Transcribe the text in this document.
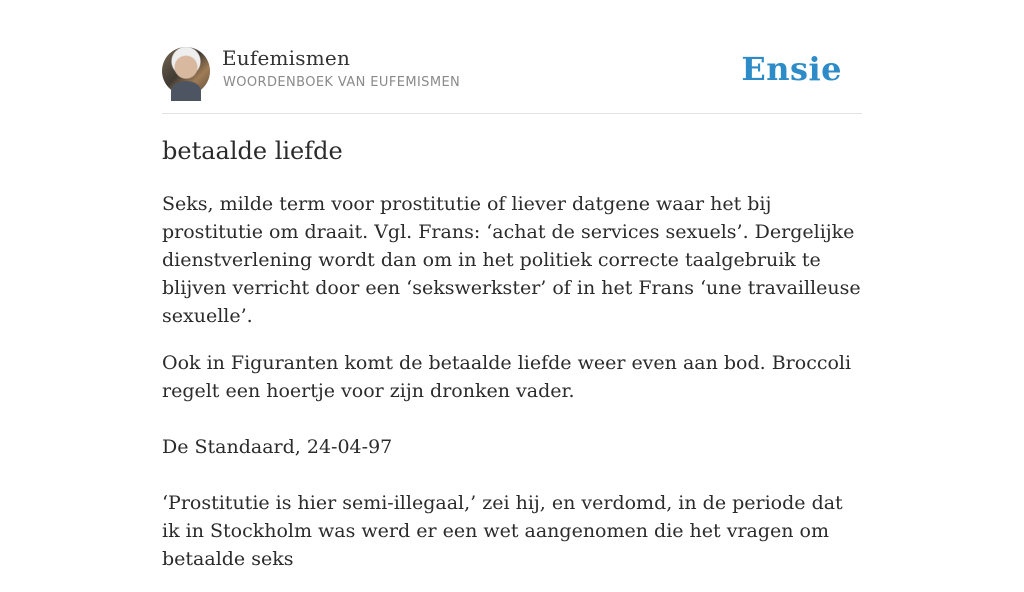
Eufemismen
WOORDENBOEK VAN EUFEMISMEN	Ensie
betaalde liefde

Seks, milde term voor prostitutie of liever datgene waar het bij prostitutie om draait. Vgl. Frans: ‘achat de services sexuels’. Dergelijke dienstverlening wordt dan om in het politiek correcte taalgebruik te blijven verricht door een ‘sekswerkster’ of in het Frans ‘une travailleuse sexuelle’.

Ook in Figuranten komt de betaalde liefde weer even aan bod. Broccoli regelt een hoertje voor zijn dronken vader.

De Standaard, 24-04-97

‘Prostitutie is hier semi-illegaal,’ zei hij, en verdomd, in de periode dat ik in Stockholm was werd er een wet aangenomen die het vragen om betaalde seks
